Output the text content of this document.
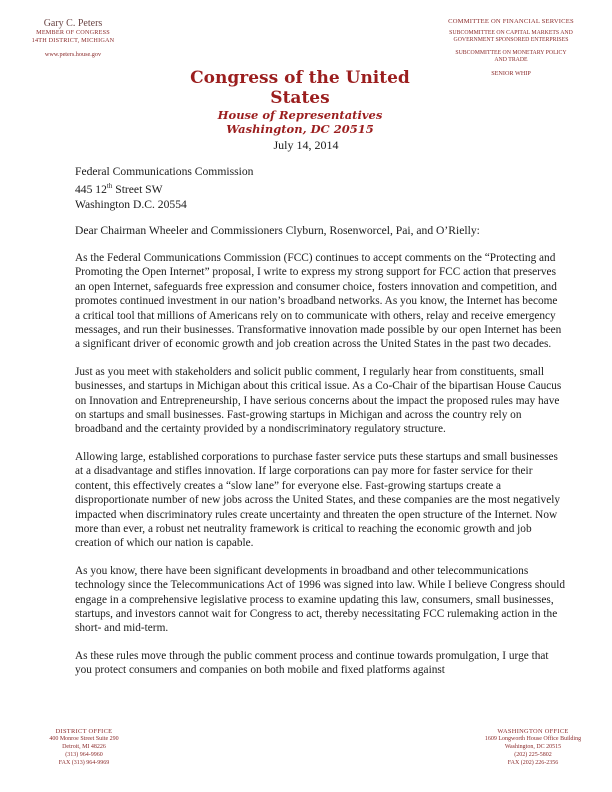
Gary C. Peters
MEMBER OF CONGRESS
14TH DISTRICT, MICHIGAN
www.peters.house.gov
Congress of the United States
House of Representatives
Washington, DC 20515
COMMITTEE ON FINANCIAL SERVICES
SUBCOMMITTEE ON CAPITAL MARKETS AND
GOVERNMENT SPONSORED ENTERPRISES
SUBCOMMITTEE ON MONETARY POLICY
AND TRADE
SENIOR WHIP
July 14, 2014
Federal Communications Commission
445 12th Street SW
Washington D.C. 20554
Dear Chairman Wheeler and Commissioners Clyburn, Rosenworcel, Pai, and O’Rielly:

As the Federal Communications Commission (FCC) continues to accept comments on the “Protecting and Promoting the Open Internet” proposal, I write to express my strong support for FCC action that preserves an open Internet, safeguards free expression and consumer choice, fosters innovation and competition, and promotes continued investment in our nation’s broadband networks. As you know, the Internet has become a critical tool that millions of Americans rely on to communicate with others, relay and receive emergency messages, and run their businesses. Transformative innovation made possible by our open Internet has been a significant driver of economic growth and job creation across the United States in the past two decades.

Just as you meet with stakeholders and solicit public comment, I regularly hear from constituents, small businesses, and startups in Michigan about this critical issue. As a Co-Chair of the bipartisan House Caucus on Innovation and Entrepreneurship, I have serious concerns about the impact the proposed rules may have on startups and small businesses. Fast-growing startups in Michigan and across the country rely on broadband and the certainty provided by a nondiscriminatory regulatory structure.

Allowing large, established corporations to purchase faster service puts these startups and small businesses at a disadvantage and stifles innovation. If large corporations can pay more for faster service for their content, this effectively creates a “slow lane” for everyone else. Fast-growing startups create a disproportionate number of new jobs across the United States, and these companies are the most negatively impacted when discriminatory rules create uncertainty and threaten the open structure of the Internet. Now more than ever, a robust net neutrality framework is critical to reaching the economic growth and job creation of which our nation is capable.

As you know, there have been significant developments in broadband and other telecommunications technology since the Telecommunications Act of 1996 was signed into law. While I believe Congress should engage in a comprehensive legislative process to examine updating this law, consumers, small businesses, startups, and investors cannot wait for Congress to act, thereby necessitating FCC rulemaking action in the short- and mid-term.

As these rules move through the public comment process and continue towards promulgation, I urge that you protect consumers and companies on both mobile and fixed platforms against

DISTRICT OFFICE
400 Monroe Street Suite 290
Detroit, MI 48226
(313) 964-9960
FAX (313) 964-9969
WASHINGTON OFFICE
1609 Longworth House Office Building
Washington, DC 20515
(202) 225-5802
FAX (202) 226-2356
